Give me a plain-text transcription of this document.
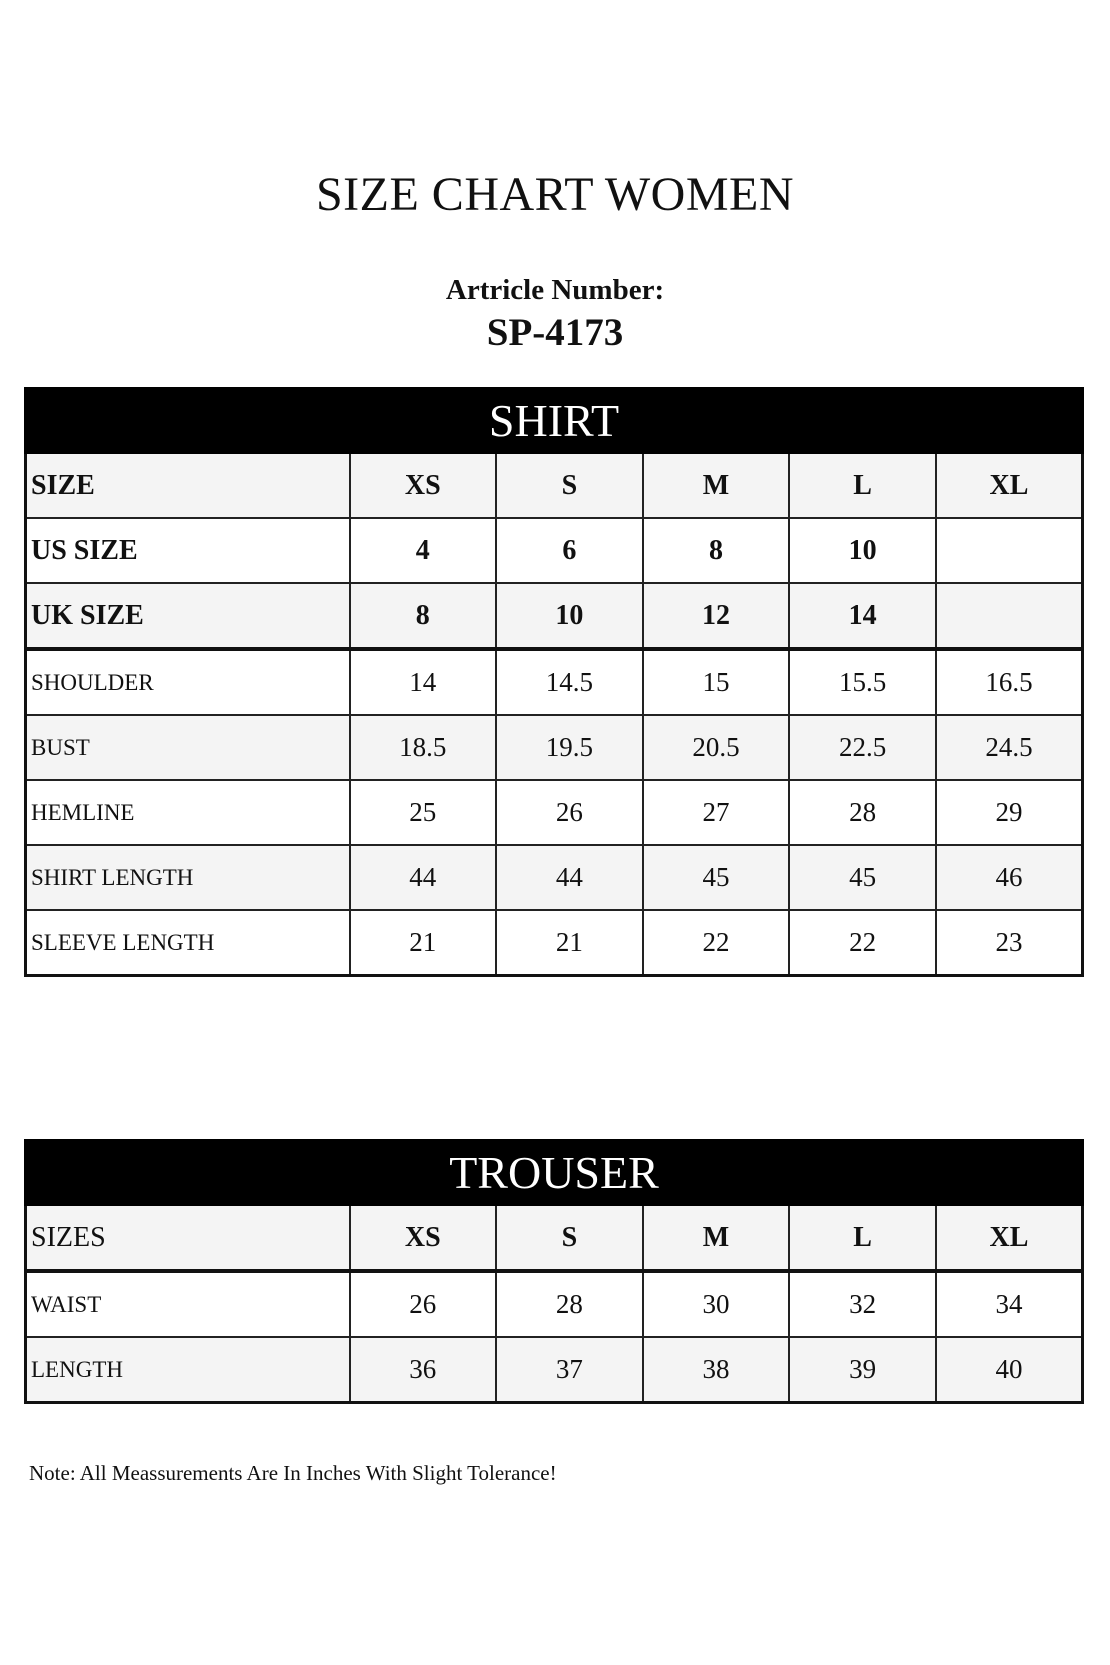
SIZE CHART WOMEN
Artricle Number:
SP-4173
SHIRT					
SIZE	XS	S	M	L	XL
US SIZE	4	6	8	10	
UK SIZE	8	10	12	14	
SHOULDER	14	14.5	15	15.5	16.5
BUST	18.5	19.5	20.5	22.5	24.5
HEMLINE	25	26	27	28	29
SHIRT LENGTH	44	44	45	45	46
SLEEVE LENGTH	21	21	22	22	23
TROUSER					
SIZES	XS	S	M	L	XL
WAIST	26	28	30	32	34
LENGTH	36	37	38	39	40
Note: All Meassurements Are In Inches With Slight Tolerance!
